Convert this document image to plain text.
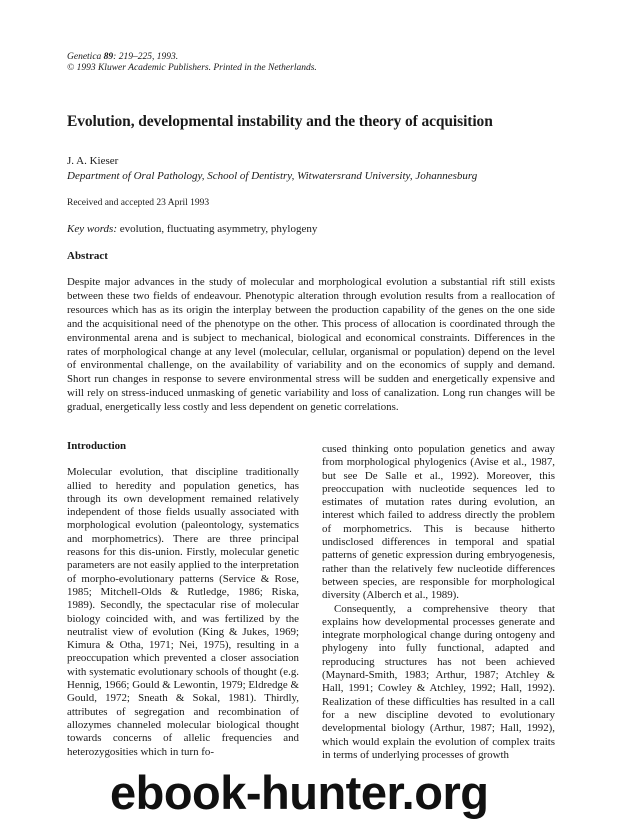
Genetica 89: 219–225, 1993.
© 1993 Kluwer Academic Publishers. Printed in the Netherlands.
Evolution, developmental instability and the theory of acquisition
J. A. Kieser
Department of Oral Pathology, School of Dentistry, Witwatersrand University, Johannesburg
Received and accepted 23 April 1993
Key words: evolution, fluctuating asymmetry, phylogeny
Abstract

Despite major advances in the study of molecular and morphological evolution a substantial rift still exists between these two fields of endeavour. Phenotypic alteration through evolution results from a reallocation of resources which has as its origin the interplay between the production capability of the genes on the one side and the acquisitional need of the phenotype on the other. This process of allocation is coordinated through the environmental arena and is subject to mechanical, biological and economical constraints. Differences in the rates of morphological change at any level (molecular, cellular, organismal or population) depend on the level of environmental challenge, on the availability of variability and on the economics of supply and demand. Short run changes in response to severe environmental stress will be sudden and energetically expensive and will rely on stress-induced unmasking of genetic variability and loss of canalization. Long run changes will be gradual, energetically less costly and less dependent on genetic correlations.

Introduction

Molecular evolution, that discipline traditionally allied to heredity and population genetics, has through its own development remained relatively independent of those fields usually associated with morphological evolution (paleontology, systematics and morphometrics). There are three principal reasons for this dis-union. Firstly, molecular genetic parameters are not easily applied to the interpretation of morpho-evolutionary patterns (Service & Rose, 1985; Mitchell-Olds & Rutledge, 1986; Riska, 1989). Secondly, the spectacular rise of molecular biology coincided with, and was fertilized by the neutralist view of evolution (King & Jukes, 1969; Kimura & Otha, 1971; Nei, 1975), resulting in a preoccupation which prevented a closer association with systematic evolutionary schools of thought (e.g. Hennig, 1966; Gould & Lewontin, 1979; Eldredge & Gould, 1972; Sneath & Sokal, 1981). Thirdly, attributes of segregation and recombination of allozymes channeled molecular biological thought towards concerns of allelic frequencies and heterozygosities which in turn fo-

cused thinking onto population genetics and away from morphological phylogenics (Avise et al., 1987, but see De Salle et al., 1992). Moreover, this preoccupation with nucleotide sequences led to estimates of mutation rates during evolution, an interest which failed to address directly the problem of morphometrics. This is because hitherto undisclosed differences in temporal and spatial patterns of genetic expression during embryogenesis, rather than the relatively few nucleotide differences between species, are responsible for morphological diversity (Alberch et al., 1989).

Consequently, a comprehensive theory that explains how developmental processes generate and integrate morphological change during ontogeny and phylogeny into fully functional, adapted and reproducing structures has not been achieved (Maynard-Smith, 1983; Arthur, 1987; Atchley & Hall, 1991; Cowley & Atchley, 1992; Hall, 1992). Realization of these difficulties has resulted in a call for a new discipline devoted to evolutionary developmental biology (Arthur, 1987; Hall, 1992), which would explain the evolution of complex traits in terms of underlying processes of growth

ebook-hunter.org
